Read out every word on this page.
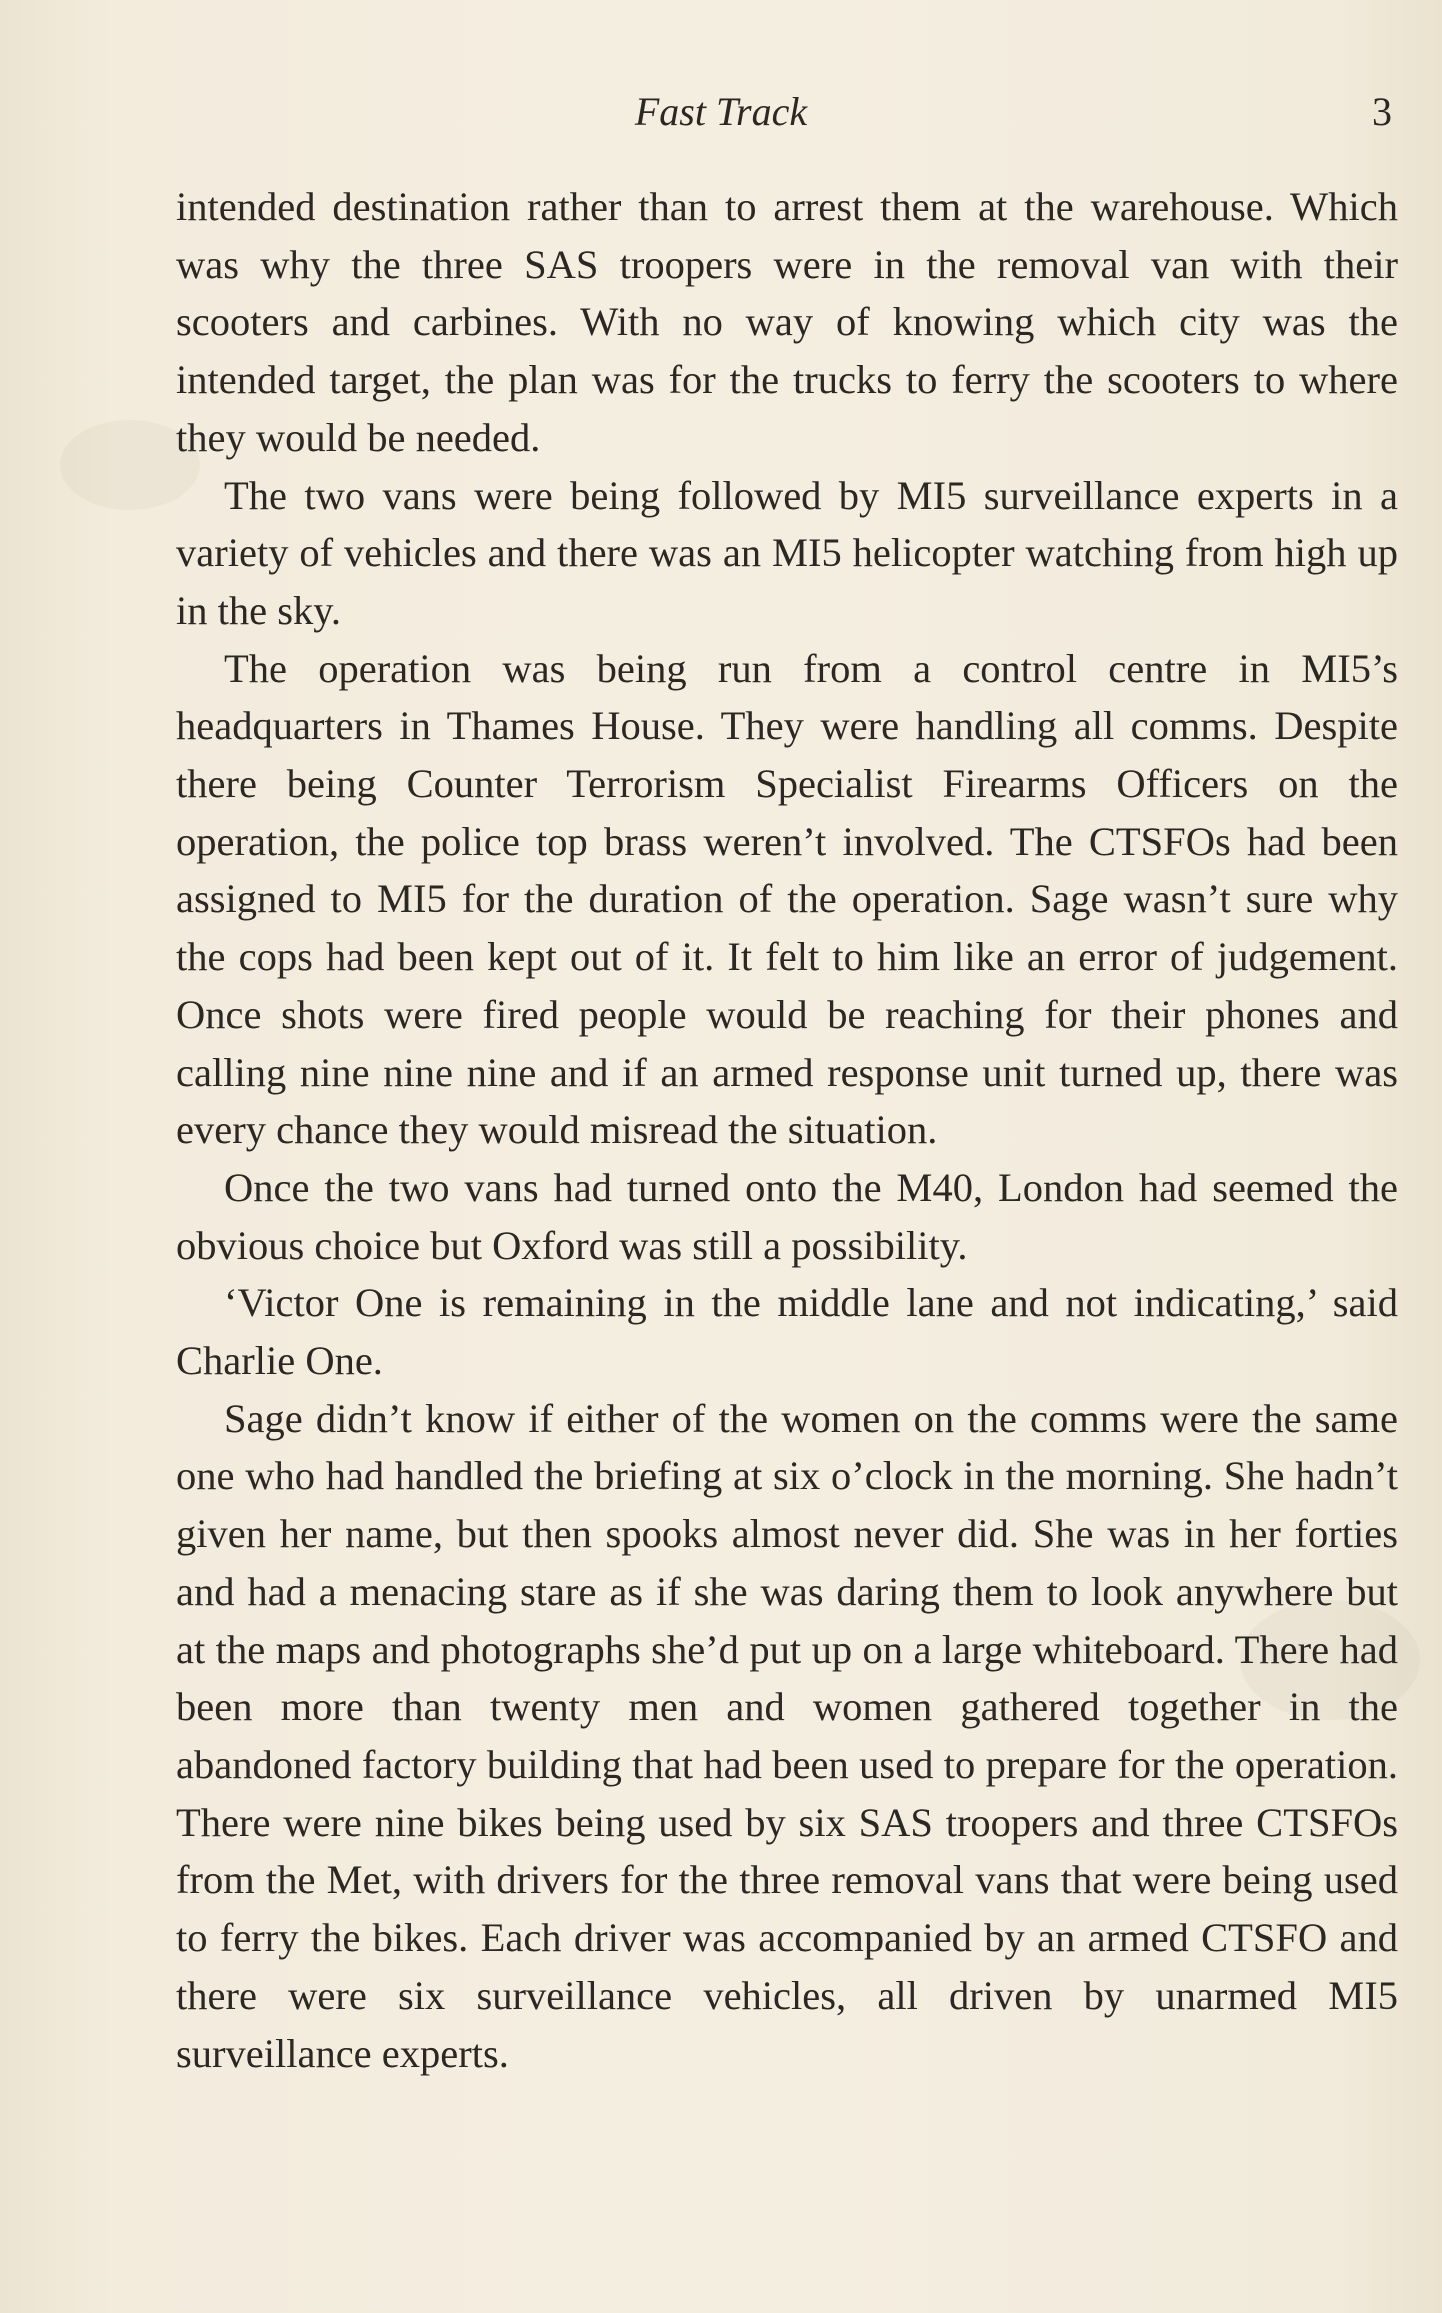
Fast Track	3

intended destination rather than to arrest them at the warehouse. Which was why the three SAS troopers were in the removal van with their scooters and carbines. With no way of knowing which city was the intended target, the plan was for the trucks to ferry the scooters to where they would be needed.

The two vans were being followed by MI5 surveillance experts in a variety of vehicles and there was an MI5 helicopter watching from high up in the sky.

The operation was being run from a control centre in MI5’s headquarters in Thames House. They were handling all comms. Despite there being Counter Terrorism Specialist Firearms Officers on the operation, the police top brass weren’t involved. The CTSFOs had been assigned to MI5 for the duration of the operation. Sage wasn’t sure why the cops had been kept out of it. It felt to him like an error of judgement. Once shots were fired people would be reaching for their phones and calling nine nine nine and if an armed response unit turned up, there was every chance they would misread the situation.

Once the two vans had turned onto the M40, London had seemed the obvious choice but Oxford was still a possibility.

‘Victor One is remaining in the middle lane and not indicating,’ said Charlie One.

Sage didn’t know if either of the women on the comms were the same one who had handled the briefing at six o’clock in the morning. She hadn’t given her name, but then spooks almost never did. She was in her forties and had a menacing stare as if she was daring them to look anywhere but at the maps and photographs she’d put up on a large whiteboard. There had been more than twenty men and women gathered together in the abandoned factory building that had been used to prepare for the operation. There were nine bikes being used by six SAS troopers and three CTSFOs from the Met, with drivers for the three removal vans that were being used to ferry the bikes. Each driver was accompanied by an armed CTSFO and there were six surveillance vehicles, all driven by unarmed MI5 surveillance experts.
